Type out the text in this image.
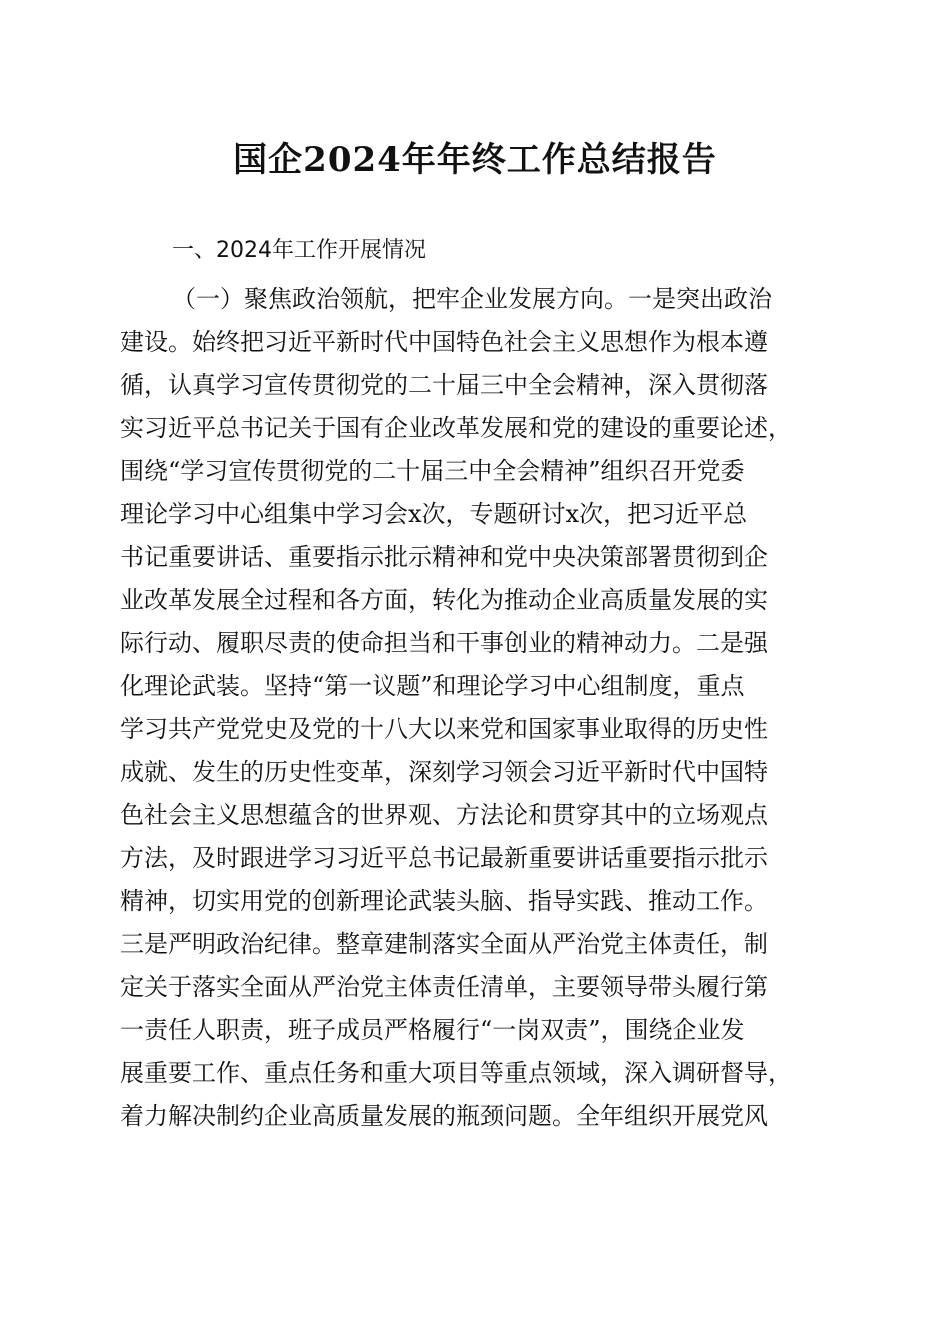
国企2024年年终工作总结报告
一、2024年工作开展情况
（一）聚焦政治领航，把牢企业发展方向。一是突出政治
建设。始终把习近平新时代中国特色社会主义思想作为根本遵
循，认真学习宣传贯彻党的二十届三中全会精神，深入贯彻落
实习近平总书记关于国有企业改革发展和党的建设的重要论述，
围绕“学习宣传贯彻党的二十届三中全会精神”组织召开党委
理论学习中心组集中学习会x次，专题研讨x次，把习近平总
书记重要讲话、重要指示批示精神和党中央决策部署贯彻到企
业改革发展全过程和各方面，转化为推动企业高质量发展的实
际行动、履职尽责的使命担当和干事创业的精神动力。二是强
化理论武装。坚持“第一议题”和理论学习中心组制度，重点
学习共产党党史及党的十八大以来党和国家事业取得的历史性
成就、发生的历史性变革，深刻学习领会习近平新时代中国特
色社会主义思想蕴含的世界观、方法论和贯穿其中的立场观点
方法，及时跟进学习习近平总书记最新重要讲话重要指示批示
精神，切实用党的创新理论武装头脑、指导实践、推动工作。
三是严明政治纪律。整章建制落实全面从严治党主体责任，制
定关于落实全面从严治党主体责任清单，主要领导带头履行第
一责任人职责，班子成员严格履行“一岗双责”，围绕企业发
展重要工作、重点任务和重大项目等重点领域，深入调研督导，
着力解决制约企业高质量发展的瓶颈问题。全年组织开展党风
